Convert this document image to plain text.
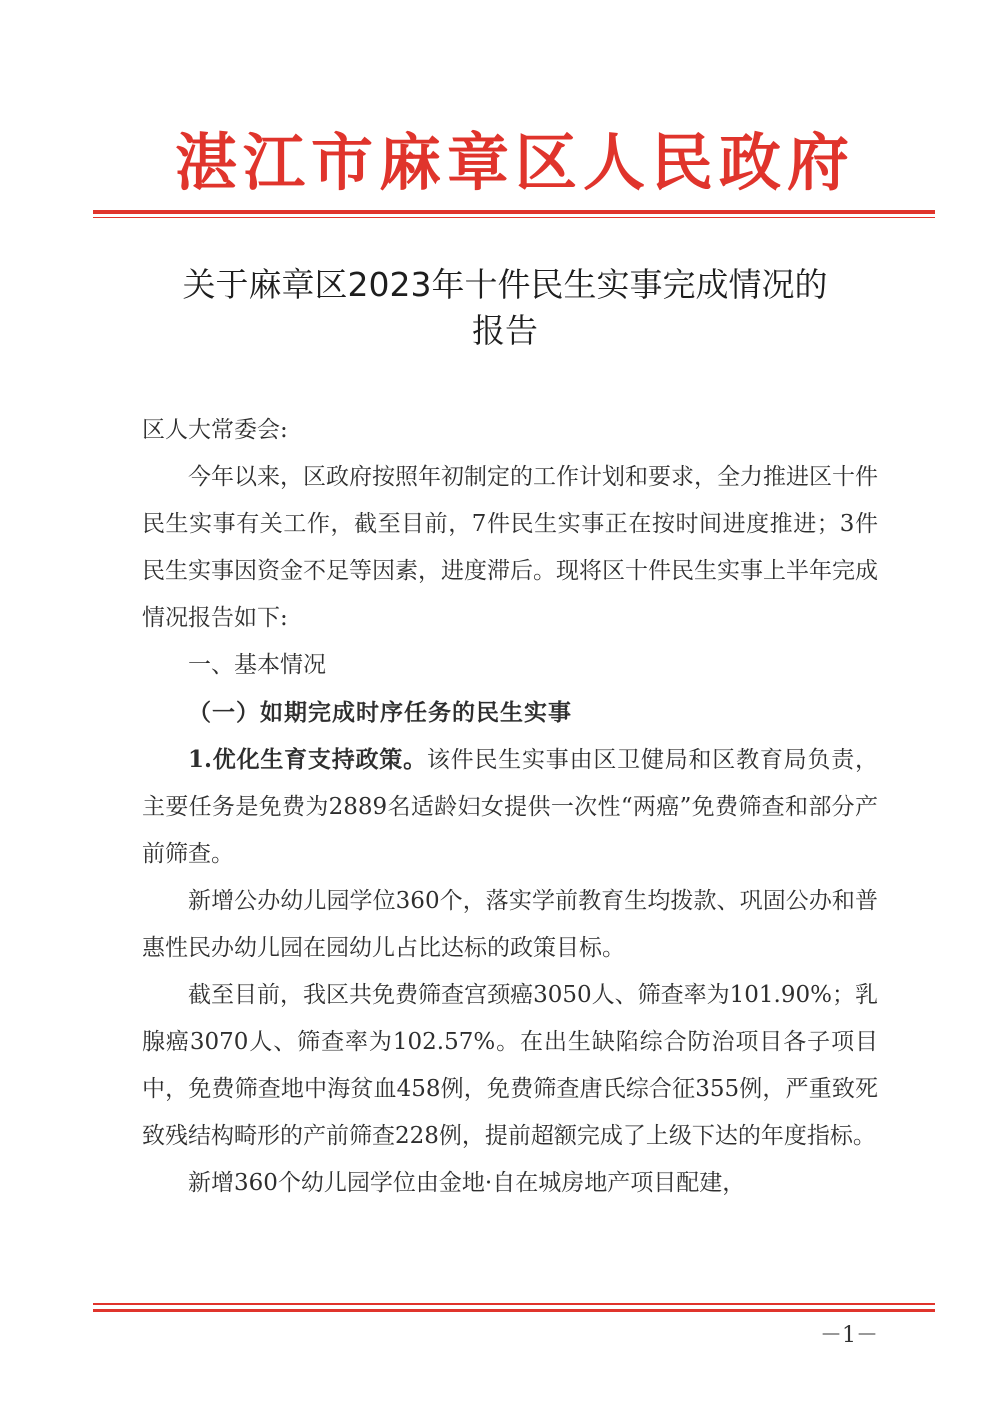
湛江市麻章区人民政府
关于麻章区2023年十件民生实事完成情况的
报告

区人大常委会:

今年以来，区政府按照年初制定的工作计划和要求，全力推进区十件民生实事有关工作，截至目前，7件民生实事正在按时间进度推进；3件民生实事因资金不足等因素，进度滞后。现将区十件民生实事上半年完成情况报告如下:

一、基本情况

（一）如期完成时序任务的民生实事

1.优化生育支持政策。该件民生实事由区卫健局和区教育局负责，主要任务是免费为2889名适龄妇女提供一次性“两癌”免费筛查和部分产前筛查。

新增公办幼儿园学位360个，落实学前教育生均拨款、巩固公办和普惠性民办幼儿园在园幼儿占比达标的政策目标。

截至目前，我区共免费筛查宫颈癌3050人、筛查率为101.90%；乳腺癌3070人、筛查率为102.57%。在出生缺陷综合防治项目各子项目中，免费筛查地中海贫血458例，免费筛查唐氏综合征355例，严重致死致残结构畸形的产前筛查228例，提前超额完成了上级下达的年度指标。

新增360个幼儿园学位由金地·自在城房地产项目配建，

－1－
